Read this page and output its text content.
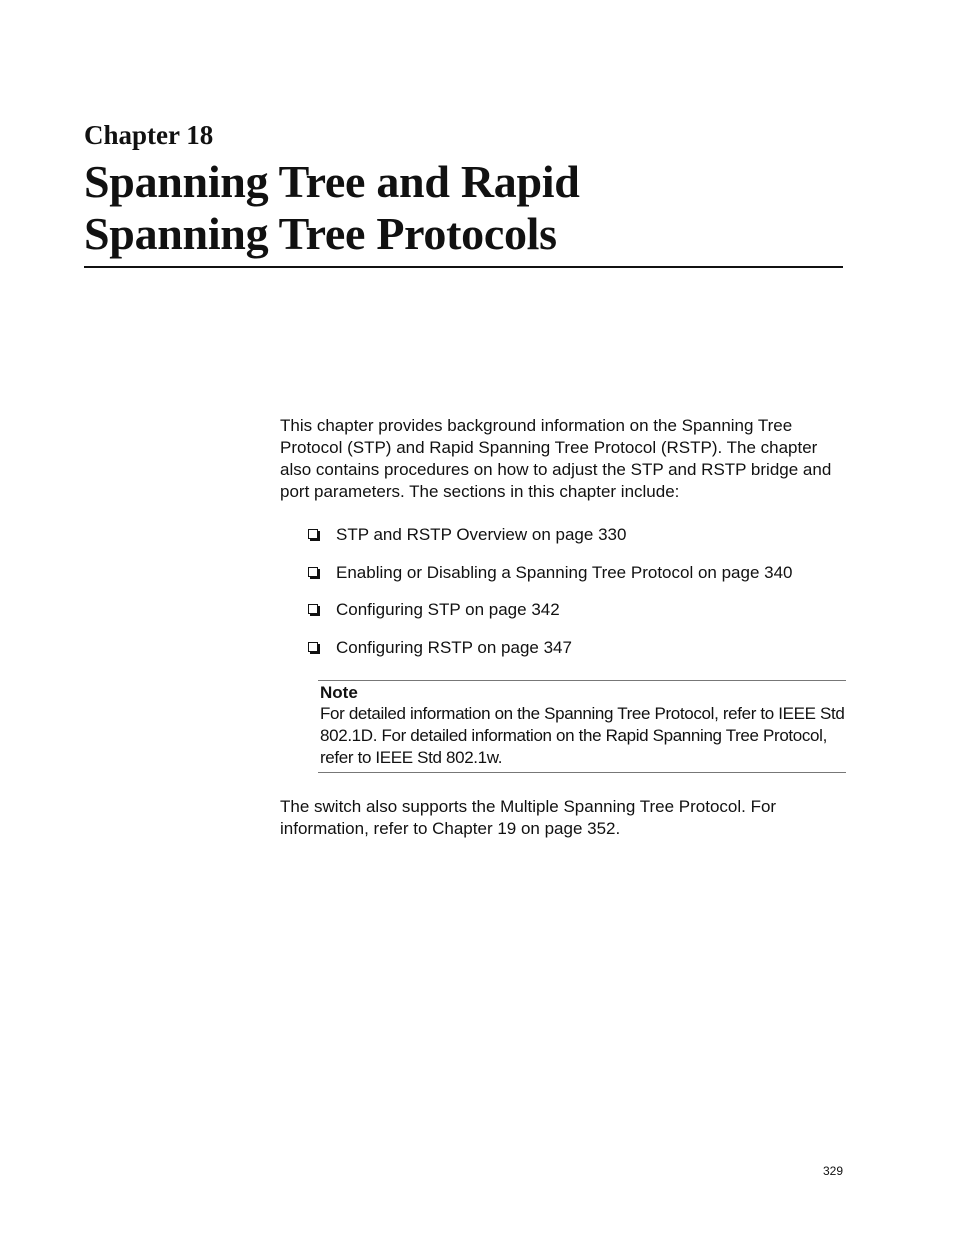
Chapter 18
Spanning Tree and Rapid
Spanning Tree Protocols

This chapter provides background information on the Spanning Tree Protocol (STP) and Rapid Spanning Tree Protocol (RSTP). The chapter also contains procedures on how to adjust the STP and RSTP bridge and port parameters. The sections in this chapter include:

STP and RSTP Overview on page 330
Enabling or Disabling a Spanning Tree Protocol on page 340
Configuring STP on page 342
Configuring RSTP on page 347

Note

For detailed information on the Spanning Tree Protocol, refer to IEEE Std 802.1D. For detailed information on the Rapid Spanning Tree Protocol, refer to IEEE Std 802.1w.

The switch also supports the Multiple Spanning Tree Protocol. For information, refer to Chapter 19 on page 352.

329
